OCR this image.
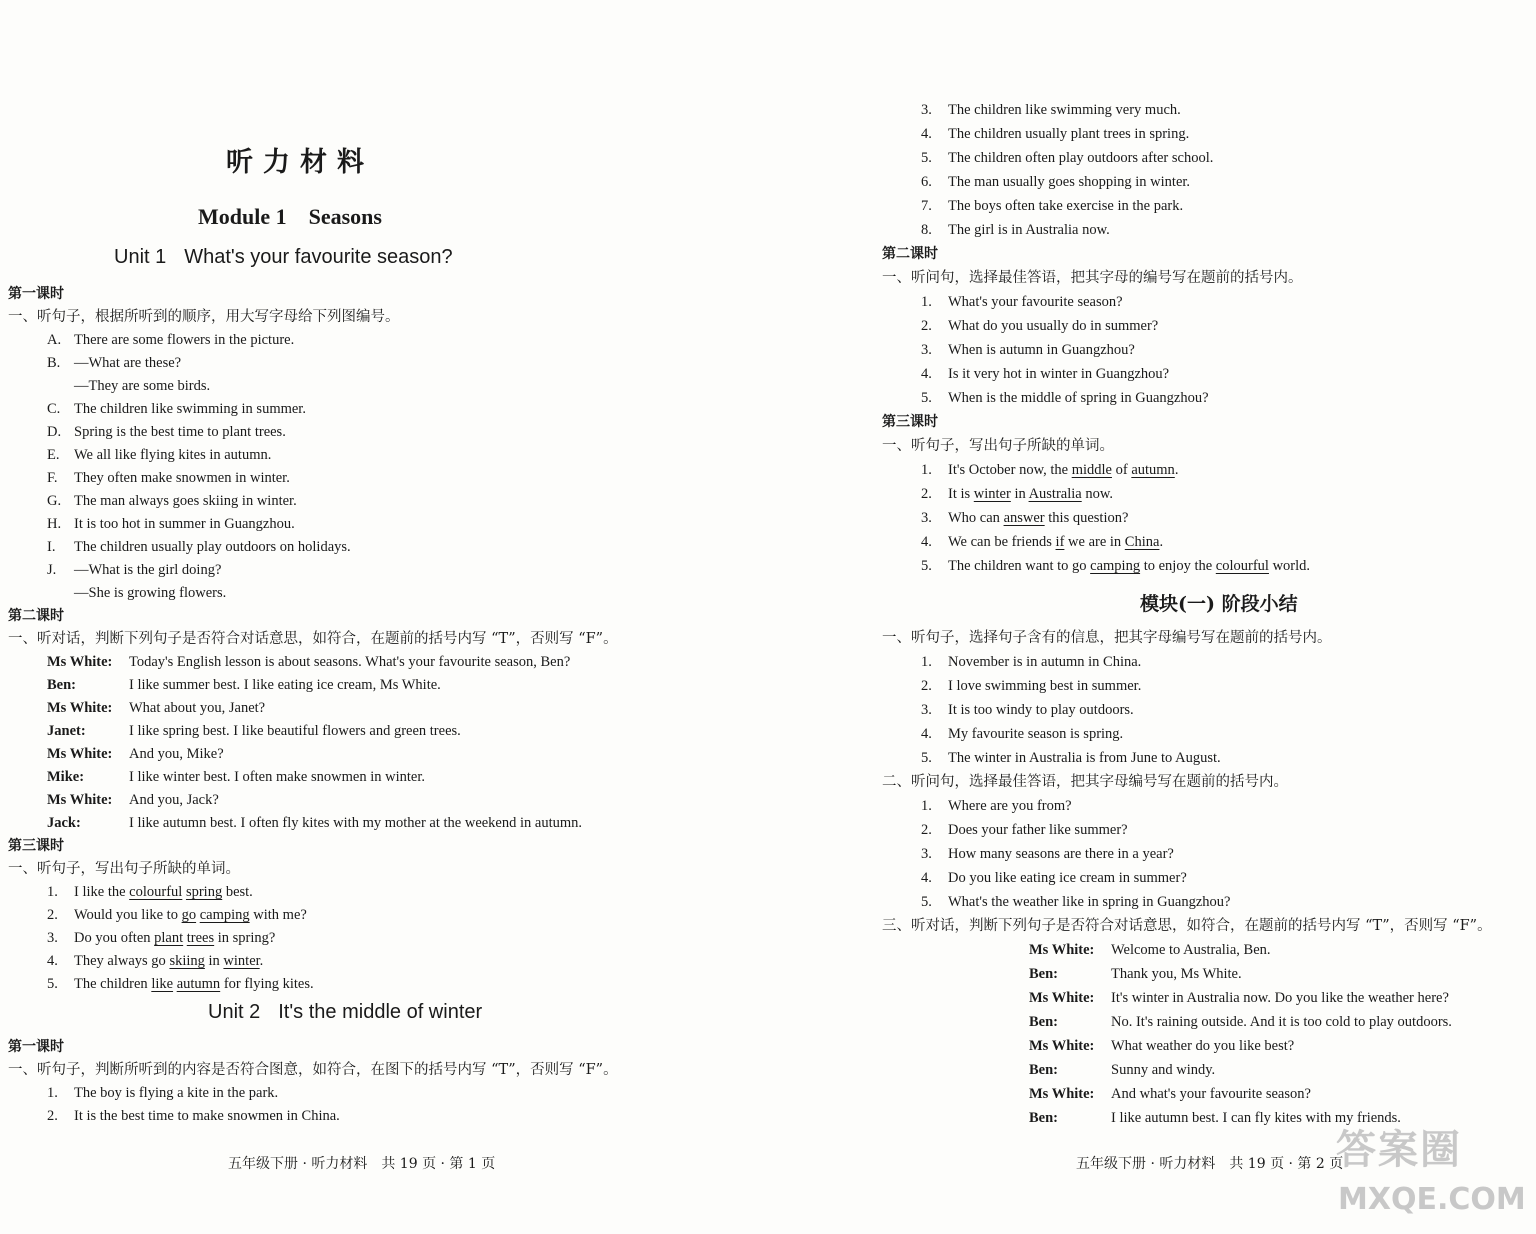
听力材料
Module 1 Seasons
Unit 1 What's your favourite season?
第一课时
一、听句子，根据所听到的顺序，用大写字母给下列图编号。
A. There are some flowers in the picture.
B. —What are these?
—They are some birds.
C. The children like swimming in summer.
D. Spring is the best time to plant trees.
E. We all like flying kites in autumn.
F. They often make snowmen in winter.
G. The man always goes skiing in winter.
H. It is too hot in summer in Guangzhou.
I. The children usually play outdoors on holidays.
J. —What is the girl doing?
—She is growing flowers.
第二课时
一、听对话，判断下列句子是否符合对话意思，如符合，在题前的括号内写 “T”，否则写 “F”。
Ms White: Today's English lesson is about seasons. What's your favourite season, Ben?
Ben:	I like summer best. I like eating ice cream, Ms White.
Ms White: What about you, Janet?
Janet:	I like spring best. I like beautiful flowers and green trees.
Ms White: And you, Mike?
Mike:	I like winter best. I often make snowmen in winter.
Ms White: And you, Jack?
Jack:	I like autumn best. I often fly kites with my mother at the weekend in autumn.
第三课时
一、听句子，写出句子所缺的单词。
1. I like the colourful spring best.
2. Would you like to go camping with me?
3. Do you often plant trees in spring?
4. They always go skiing in winter.
5. The children like autumn for flying kites.
Unit 2 It's the middle of winter
第一课时
一、听句子，判断所听到的内容是否符合图意，如符合，在图下的括号内写 “T”，否则写 “F”。
1. The boy is flying a kite in the park.
2. It is the best time to make snowmen in China.

五年级下册 · 听力材料　共 19 页 · 第 1 页

3. The children like swimming very much.
4. The children usually plant trees in spring.
5. The children often play outdoors after school.
6. The man usually goes shopping in winter.
7. The boys often take exercise in the park.
8. The girl is in Australia now.
第二课时
一、听问句，选择最佳答语，把其字母的编号写在题前的括号内。
1. What's your favourite season?
2. What do you usually do in summer?
3. When is autumn in Guangzhou?
4. Is it very hot in winter in Guangzhou?
5. When is the middle of spring in Guangzhou?
第三课时
一、听句子，写出句子所缺的单词。
1. It's October now, the middle of autumn.
2. It is winter in Australia now.
3. Who can answer this question?
4. We can be friends if we are in China.
5. The children want to go camping to enjoy the colourful world.
模块(一) 阶段小结
一、听句子，选择句子含有的信息，把其字母编号写在题前的括号内。
1. November is in autumn in China.
2. I love swimming best in summer.
3. It is too windy to play outdoors.
4. My favourite season is spring.
5. The winter in Australia is from June to August.
二、听问句，选择最佳答语，把其字母编号写在题前的括号内。
1. Where are you from?
2. Does your father like summer?
3. How many seasons are there in a year?
4. Do you like eating ice cream in summer?
5. What's the weather like in spring in Guangzhou?
三、听对话，判断下列句子是否符合对话意思，如符合，在题前的括号内写 “T”，否则写 “F”。
Ms White: Welcome to Australia, Ben.
Ben:	Thank you, Ms White.
Ms White: It's winter in Australia now. Do you like the weather here?
Ben:	No. It's raining outside. And it is too cold to play outdoors.
Ms White: What weather do you like best?
Ben:	Sunny and windy.
Ms White: And what's your favourite season?
Ben:	I like autumn best. I can fly kites with my friends.

五年级下册 · 听力材料　共 19 页 · 第 2 页

答案圈
MXQE.COM
